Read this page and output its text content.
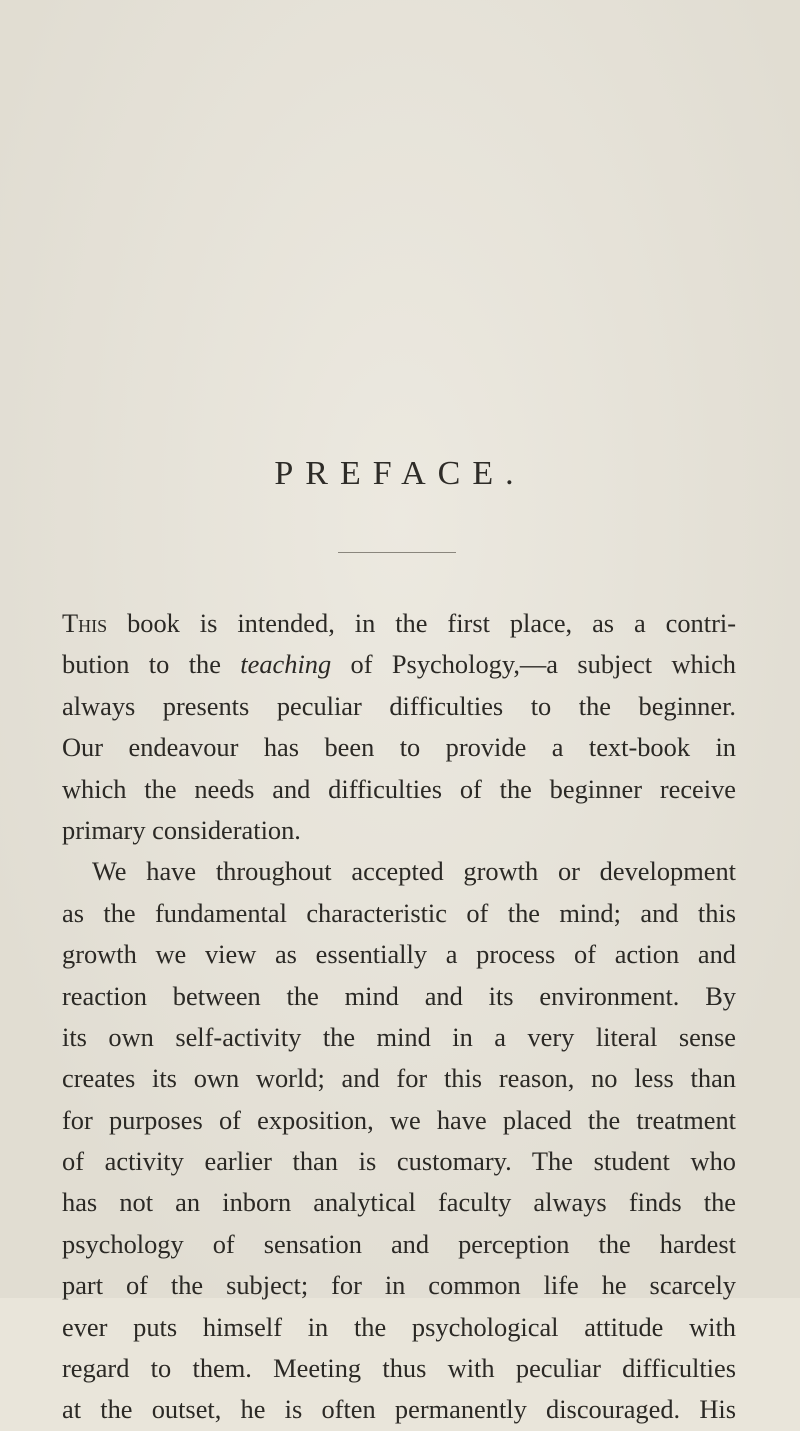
PREFACE.
This book is intended, in the first place, as a contri-
bution to the teaching of Psychology,—a subject which
always presents peculiar difficulties to the beginner.
Our endeavour has been to provide a text-book in
which the needs and difficulties of the beginner receive
primary consideration.
We have throughout accepted growth or development
as the fundamental characteristic of the mind; and this
growth we view as essentially a process of action and
reaction between the mind and its environment. By
its own self-activity the mind in a very literal sense
creates its own world; and for this reason, no less than
for purposes of exposition, we have placed the treatment
of activity earlier than is customary. The student who
has not an inborn analytical faculty always finds the
psychology of sensation and perception the hardest
part of the subject; for in common life he scarcely
ever puts himself in the psychological attitude with
regard to them. Meeting thus with peculiar difficulties
at the outset, he is often permanently discouraged. His
